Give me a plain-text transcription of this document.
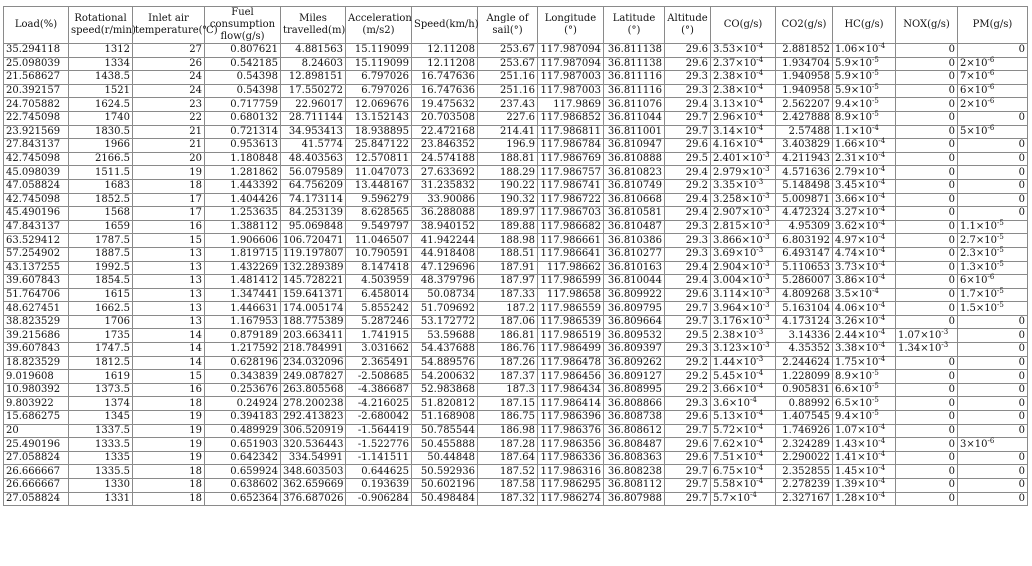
Load(%)	Rotational speed(r/min)	Inlet air temperature(℃)	Fuel consumption flow(g/s)	Miles travelled(m)	Acceleration (m/s2)	Speed(km/h)	Angle of sail(°)	Longitude (°)	Latitude (°)	Altitude (°)	CO(g/s)	CO2(g/s)	HC(g/s)	NOX(g/s)	PM(g/s)
35.294118	1312	27	0.807621	4.881563	15.119099	12.11208	253.67	117.987094	36.811138	29.6	$3.53\times 10^{-4}$	2.881852	$1.06\times 10^{-4}$	0	0
25.098039	1334	26	0.542185	8.24603	15.119099	12.11208	253.67	117.987094	36.811138	29.6	$2.37\times 10^{-4}$	1.934704	$5.9\times 10^{-5}$	0	$2\times 10^{-6}$
21.568627	1438.5	24	0.54398	12.898151	6.797026	16.747636	251.16	117.987003	36.811116	29.3	$2.38\times 10^{-4}$	1.940958	$5.9\times 10^{-5}$	0	$7\times 10^{-6}$
20.392157	1521	24	0.54398	17.550272	6.797026	16.747636	251.16	117.987003	36.811116	29.3	$2.38\times 10^{-4}$	1.940958	$5.9\times 10^{-5}$	0	$6\times 10^{-6}$
24.705882	1624.5	23	0.717759	22.96017	12.069676	19.475632	237.43	117.9869	36.811076	29.4	$3.13\times 10^{-4}$	2.562207	$9.4\times 10^{-5}$	0	$2\times 10^{-6}$
22.745098	1740	22	0.680132	28.711144	13.152143	20.703508	227.6	117.986852	36.811044	29.7	$2.96\times 10^{-4}$	2.427888	$8.9\times 10^{-5}$	0	0
23.921569	1830.5	21	0.721314	34.953413	18.938895	22.472168	214.41	117.986811	36.811001	29.7	$3.14\times 10^{-4}$	2.57488	$1.1\times 10^{-4}$	0	$5\times 10^{-6}$
27.843137	1966	21	0.953613	41.5774	25.847122	23.846352	196.9	117.986784	36.810947	29.6	$4.16\times 10^{-4}$	3.403829	$1.66\times 10^{-4}$	0	0
42.745098	2166.5	20	1.180848	48.403563	12.570811	24.574188	188.81	117.986769	36.810888	29.5	$2.401\times 10^{-3}$	4.211943	$2.31\times 10^{-4}$	0	0
45.098039	1511.5	19	1.281862	56.079589	11.047073	27.633692	188.29	117.986757	36.810823	29.4	$2.979\times 10^{-3}$	4.571636	$2.79\times 10^{-4}$	0	0
47.058824	1683	18	1.443392	64.756209	13.448167	31.235832	190.22	117.986741	36.810749	29.2	$3.35\times 10^{-3}$	5.148498	$3.45\times 10^{-4}$	0	0
42.745098	1852.5	17	1.404426	74.173114	9.596279	33.90086	190.32	117.986722	36.810668	29.4	$3.258\times 10^{-3}$	5.009871	$3.66\times 10^{-4}$	0	0
45.490196	1568	17	1.253635	84.253139	8.628565	36.288088	189.97	117.986703	36.810581	29.4	$2.907\times 10^{-3}$	4.472324	$3.27\times 10^{-4}$	0	0
47.843137	1659	16	1.388112	95.069848	9.549797	38.940152	189.88	117.986682	36.810487	29.3	$2.815\times 10^{-3}$	4.95309	$3.62\times 10^{-4}$	0	$1.1\times 10^{-5}$
63.529412	1787.5	15	1.906606	106.720471	11.046507	41.942244	188.98	117.986661	36.810386	29.3	$3.866\times 10^{-3}$	6.803192	$4.97\times 10^{-4}$	0	$2.7\times 10^{-5}$
57.254902	1887.5	13	1.819715	119.197807	10.790591	44.918408	188.51	117.986641	36.810277	29.3	$3.69\times 10^{-3}$	6.493147	$4.74\times 10^{-4}$	0	$2.3\times 10^{-5}$
43.137255	1992.5	13	1.432269	132.289389	8.147418	47.129696	187.91	117.98662	36.810163	29.4	$2.904\times 10^{-3}$	5.110653	$3.73\times 10^{-4}$	0	$1.3\times 10^{-5}$
39.607843	1854.5	13	1.481412	145.728221	4.503959	48.379796	187.97	117.986599	36.810044	29.4	$3.004\times 10^{-3}$	5.286007	$3.86\times 10^{-4}$	0	$6\times 10^{-6}$
51.764706	1615	13	1.347441	159.641371	6.458014	50.08734	187.33	117.98658	36.809922	29.6	$3.114\times 10^{-3}$	4.809268	$3.5\times 10^{-4}$	0	$1.7\times 10^{-5}$
48.627451	1662.5	13	1.446631	174.005174	5.855242	51.709692	187.2	117.986559	36.809795	29.7	$3.964\times 10^{-3}$	5.163104	$4.06\times 10^{-4}$	0	$1.5\times 10^{-5}$
38.823529	1706	13	1.167953	188.775389	5.287246	53.172772	187.06	117.986539	36.809664	29.7	$3.176\times 10^{-3}$	4.173124	$3.26\times 10^{-4}$	0	0
39.215686	1735	14	0.879189	203.663411	1.741915	53.59688	186.81	117.986519	36.809532	29.5	$2.38\times 10^{-3}$	3.14336	$2.44\times 10^{-4}$	$1.07\times 10^{-3}$	0
39.607843	1747.5	14	1.217592	218.784991	3.031662	54.437688	186.76	117.986499	36.809397	29.3	$3.123\times 10^{-3}$	4.35352	$3.38\times 10^{-4}$	$1.34\times 10^{-3}$	0
18.823529	1812.5	14	0.628196	234.032096	2.365491	54.889576	187.26	117.986478	36.809262	29.2	$1.44\times 10^{-3}$	2.244624	$1.75\times 10^{-4}$	0	0
9.019608	1619	15	0.343839	249.087827	-2.508685	54.200632	187.37	117.986456	36.809127	29.2	$5.45\times 10^{-4}$	1.228099	$8.9\times 10^{-5}$	0	0
10.980392	1373.5	16	0.253676	263.805568	-4.386687	52.983868	187.3	117.986434	36.808995	29.2	$3.66\times 10^{-4}$	0.905831	$6.6\times 10^{-5}$	0	0
9.803922	1374	18	0.24924	278.200238	-4.216025	51.820812	187.15	117.986414	36.808866	29.3	$3.6\times 10^{-4}$	0.88992	$6.5\times 10^{-5}$	0	0
15.686275	1345	19	0.394183	292.413823	-2.680042	51.168908	186.75	117.986396	36.808738	29.6	$5.13\times 10^{-4}$	1.407545	$9.4\times 10^{-5}$	0	0
20	1337.5	19	0.489929	306.520919	-1.564419	50.785544	186.98	117.986376	36.808612	29.7	$5.72\times 10^{-4}$	1.746926	$1.07\times 10^{-4}$	0	0
25.490196	1333.5	19	0.651903	320.536443	-1.522776	50.455888	187.28	117.986356	36.808487	29.6	$7.62\times 10^{-4}$	2.324289	$1.43\times 10^{-4}$	0	$3\times 10^{-6}$
27.058824	1335	19	0.642342	334.54991	-1.141511	50.44848	187.64	117.986336	36.808363	29.6	$7.51\times 10^{-4}$	2.290022	$1.41\times 10^{-4}$	0	0
26.666667	1335.5	18	0.659924	348.603503	0.644625	50.592936	187.52	117.986316	36.808238	29.7	$6.75\times 10^{-4}$	2.352855	$1.45\times 10^{-4}$	0	0
26.666667	1330	18	0.638602	362.659669	0.193639	50.602196	187.58	117.986295	36.808112	29.7	$5.58\times 10^{-4}$	2.278239	$1.39\times 10^{-4}$	0	0
27.058824	1331	18	0.652364	376.687026	-0.906284	50.498484	187.32	117.986274	36.807988	29.7	$5.7\times 10^{-4}$	2.327167	$1.28\times 10^{-4}$	0	0
